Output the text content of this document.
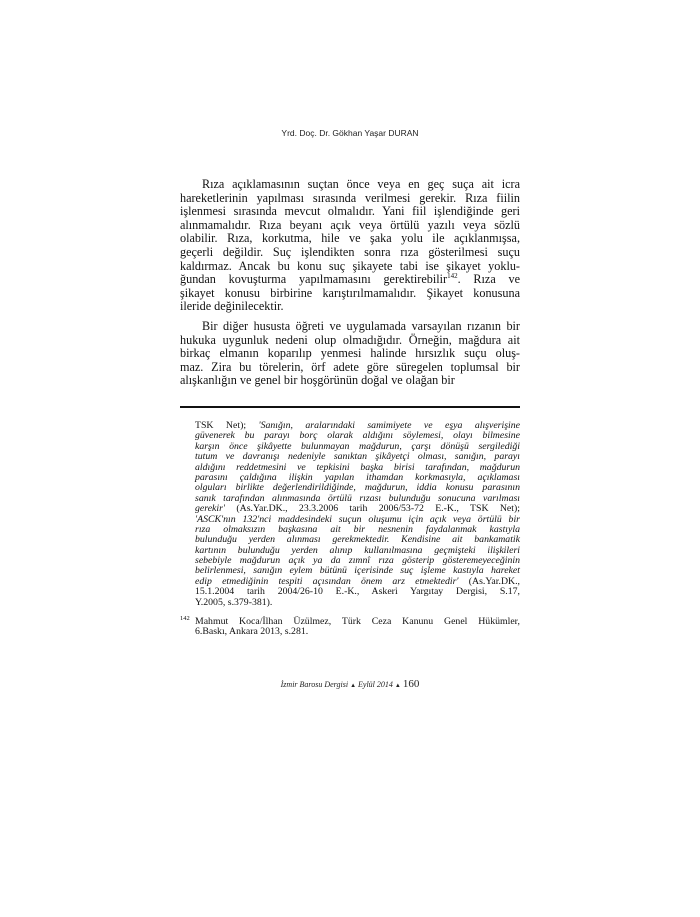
Yrd. Doç. Dr. Gökhan Yaşar DURAN
Rıza açıklamasının suçtan önce veya en geç suça ait icra
hareketlerinin yapılması sırasında verilmesi gerekir. Rıza fiilin
işlenmesi sırasında mevcut olmalıdır. Yani fiil işlendiğinde geri
alınmamalıdır. Rıza beyanı açık veya örtülü yazılı veya sözlü
olabilir. Rıza, korkutma, hile ve şaka yolu ile açıklanmışsa,
geçerli değildir. Suç işlendikten sonra rıza gösterilmesi suçu
kaldırmaz. Ancak bu konu suç şikayete tabi ise şikayet yoklu-
ğundan kovuşturma yapılmamasını gerektirebilir$^{142}$. Rıza ve
şikayet konusu birbirine karıştırılmamalıdır. Şikayet konusuna
ileride değinilecektir.
Bir diğer hususta öğreti ve uygulamada varsayılan rızanın bir
hukuka uygunluk nedeni olup olmadığıdır. Örneğin, mağdura ait
birkaç elmanın koparılıp yenmesi halinde hırsızlık suçu oluş-
maz. Zira bu törelerin, örf adete göre süregelen toplumsal bir
alışkanlığın ve genel bir hoşgörünün doğal ve olağan bir
TSK Net); 'Sanığın, aralarındaki samimiyete ve eşya alışverişine
güvenerek bu parayı borç olarak aldığını söylemesi, olayı bilmesine
karşın önce şikâyette bulunmayan mağdurun, çarşı dönüşü sergilediği
tutum ve davranışı nedeniyle sanıktan şikâyetçi olması, sanığın, parayı
aldığını reddetmesini ve tepkisini başka birisi tarafından, mağdurun
parasını çaldığına ilişkin yapılan ithamdan korkmasıyla, açıklaması
olguları birlikte değerlendirildiğinde, mağdurun, iddia konusu parasının
sanık tarafından alınmasında örtülü rızası bulunduğu sonucuna varılması
gerekir' (As.Yar.DK., 23.3.2006 tarih 2006/53-72 E.-K., TSK Net);
'ASCK'nın 132'nci maddesindeki suçun oluşumu için açık veya örtülü bir
rıza olmaksızın başkasına ait bir nesnenin faydalanmak kastıyla
bulunduğu yerden alınması gerekmektedir. Kendisine ait bankamatik
kartının bulunduğu yerden alınıp kullanılmasına geçmişteki ilişkileri
sebebiyle mağdurun açık ya da zımnî rıza gösterip gösteremeyeceğinin
belirlenmesi, sanığın eylem bütünü içerisinde suç işleme kastıyla hareket
edip etmediğinin tespiti açısından önem arz etmektedir' (As.Yar.DK.,
15.1.2004 tarih 2004/26-10 E.-K., Askeri Yargıtay Dergisi, S.17,
Y.2005, s.379-381).
142 Mahmut Koca/İlhan Üzülmez, Türk Ceza Kanunu Genel Hükümler,
6.Baskı, Ankara 2013, s.281.
İzmir Barosu Dergisi ▲ Eylül 2014 ▲ 160
